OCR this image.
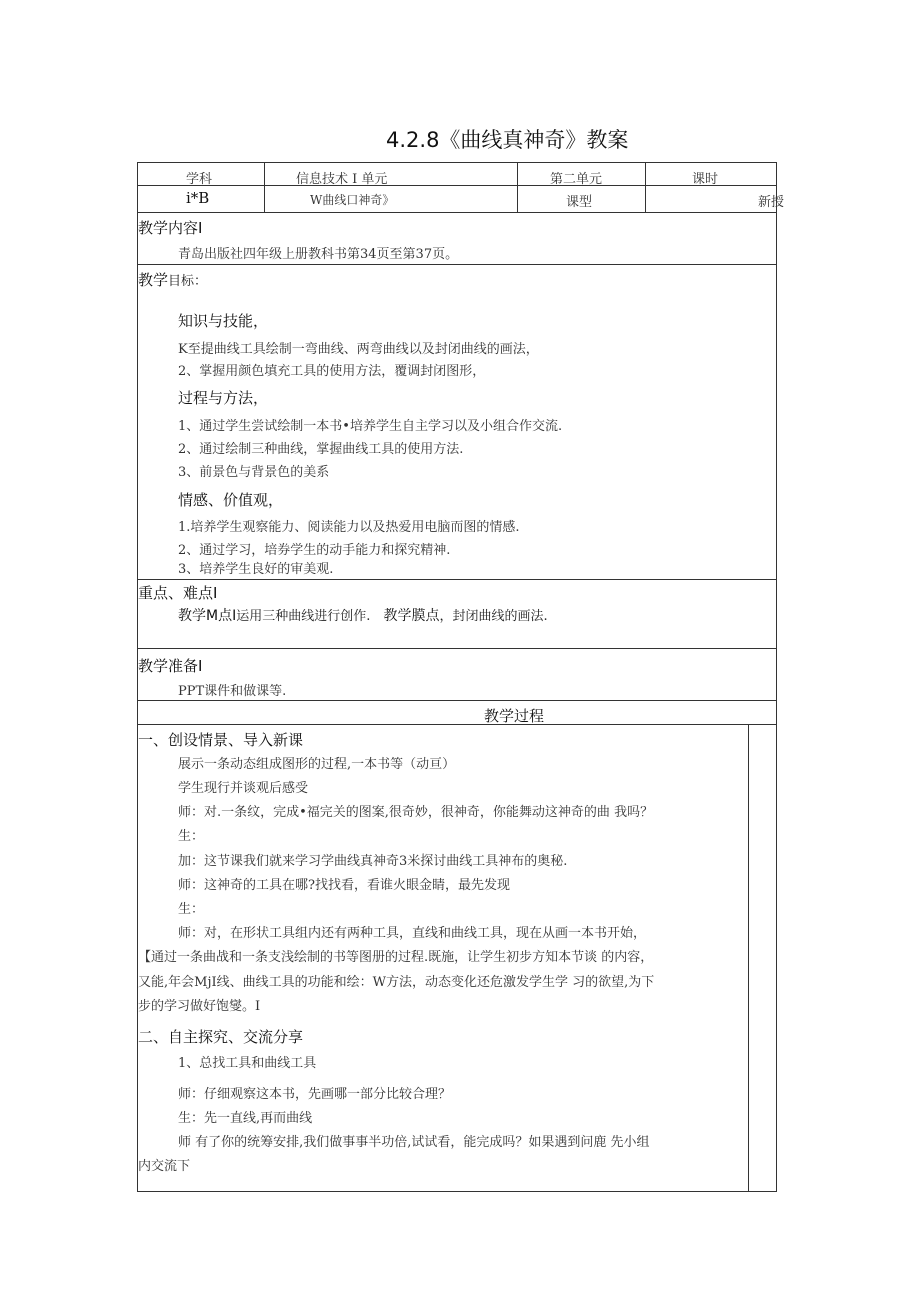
4.2.8《曲线真神奇》教案
学科	信息技术 I 单元	第二单元	课时
i*B	W曲线口神奇》	课型	新授
教学内容I
青岛出版社四年级上册教科书第34页至第37页。
教学目标：
知识与技能，
K至提曲线工具绘制一弯曲线、两弯曲线以及封闭曲线的画法，
2、掌握用颜色填充工具的使用方法，覆调封闭图形，
过程与方法，
1、通过学生尝试绘制一本书•培养学生自主学习以及小组合作交流.
2、通过绘制三种曲线，掌握曲线工具的使用方法.
3、前景色与背景色的美系
情感、价值观，
1.培养学生观察能力、阅读能力以及热爱用电脑而图的情感.
2、通过学习，培券学生的动手能力和探究精神.
3、培养学生良好的审美观.
重点、难点I
教学M点I运用三种曲线进行创作. 教学膜点，封闭曲线的画法.
教学准备I
PPT课件和做课等.
教学过程
一、创设情景、导入新课
展示一条动态组成图形的过程,一本书等（动亘）
学生现行并谈观后感受
师：对.一条纹，完成•福完关的图案,很奇妙，很神奇，你能舞动这神奇的曲 我吗？
生：
加：这节课我们就来学习学曲线真神奇3米探讨曲线工具神布的奥秘.
师：这神奇的工具在哪?找找看，看谁火眼金睛，最先发现
生：
师：对，在形状工具组内还有两种工具，直线和曲线工具，现在从画一本书开始，
【通过一条曲战和一条支浅绘制的书等图册的过程.既施，让学生初步方知本节谈 的内容，
又能,年会MjI线、曲线工具的功能和绘：W方法，动态变化还危激发学生学 习的欲望,为下
步的学习做好饱燮。I
二、自主探究、交流分享
1、总找工具和曲线工具
师：仔细观察这本书，先画哪一部分比较合理？
生：先一直线,再而曲线
师 有了你的统筹安排,我们做事事半功倍,试试看，能完成吗？如果遇到问鹿 先小组
内交流下
